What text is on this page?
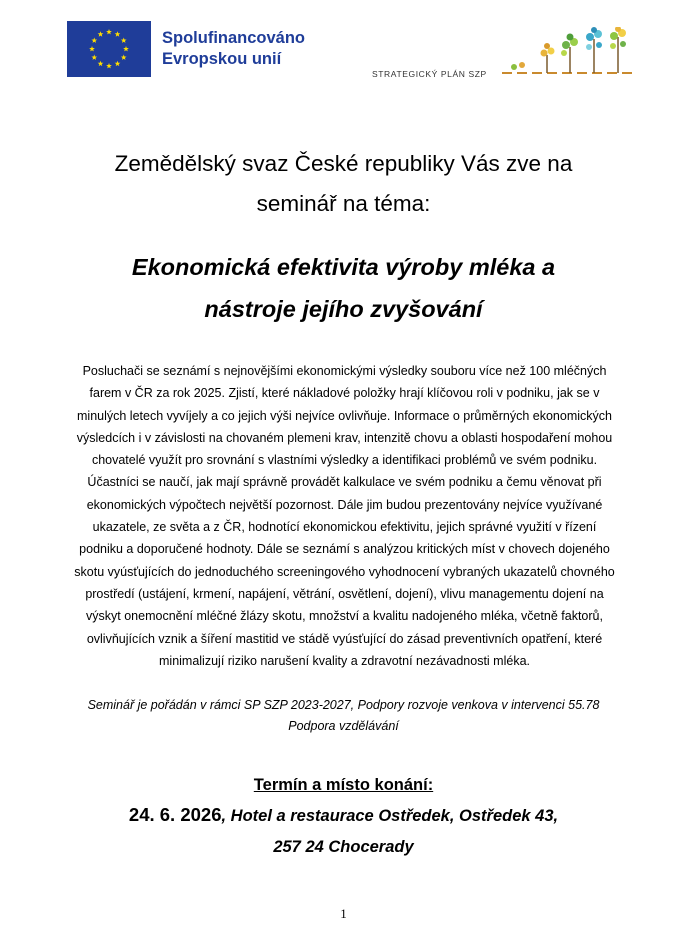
Spolufinancováno
Evropskou unií
STRATEGICKÝ PLÁN SZP
Zemědělský svaz České republiky Vás zve na
seminář na téma:
Ekonomická efektivita výroby mléka a
nástroje jejího zvyšování
Posluchači se seznámí s nejnovějšími ekonomickými výsledky souboru více než 100 mléčných
farem v ČR za rok 2025. Zjistí, které nákladové položky hrají klíčovou roli v podniku, jak se v
minulých letech vyvíjely a co jejich výši nejvíce ovlivňuje. Informace o průměrných ekonomických
výsledcích i v závislosti na chovaném plemeni krav, intenzitě chovu a oblasti hospodaření mohou
chovatelé využít pro srovnání s vlastními výsledky a identifikaci problémů ve svém podniku.
Účastníci se naučí, jak mají správně provádět kalkulace ve svém podniku a čemu věnovat při
ekonomických výpočtech největší pozornost. Dále jim budou prezentovány nejvíce využívané
ukazatele, ze světa a z ČR, hodnotící ekonomickou efektivitu, jejich správné využití v řízení
podniku a doporučené hodnoty. Dále se seznámí s analýzou kritických míst v chovech dojeného
skotu vyúsťujících do jednoduchého screeningového vyhodnocení vybraných ukazatelů chovného
prostředí (ustájení, krmení, napájení, větrání, osvětlení, dojení), vlivu managementu dojení na
výskyt onemocnění mléčné žlázy skotu, množství a kvalitu nadojeného mléka, včetně faktorů,
ovlivňujících vznik a šíření mastitid ve stádě vyúsťující do zásad preventivních opatření, které
minimalizují riziko narušení kvality a zdravotní nezávadnosti mléka.
Seminář je pořádán v rámci SP SZP 2023-2027, Podpory rozvoje venkova v intervenci 55.78
Podpora vzdělávání
Termín a místo konání:
24. 6. 2026, Hotel a restaurace Ostředek, Ostředek 43,
257 24 Chocerady
1
